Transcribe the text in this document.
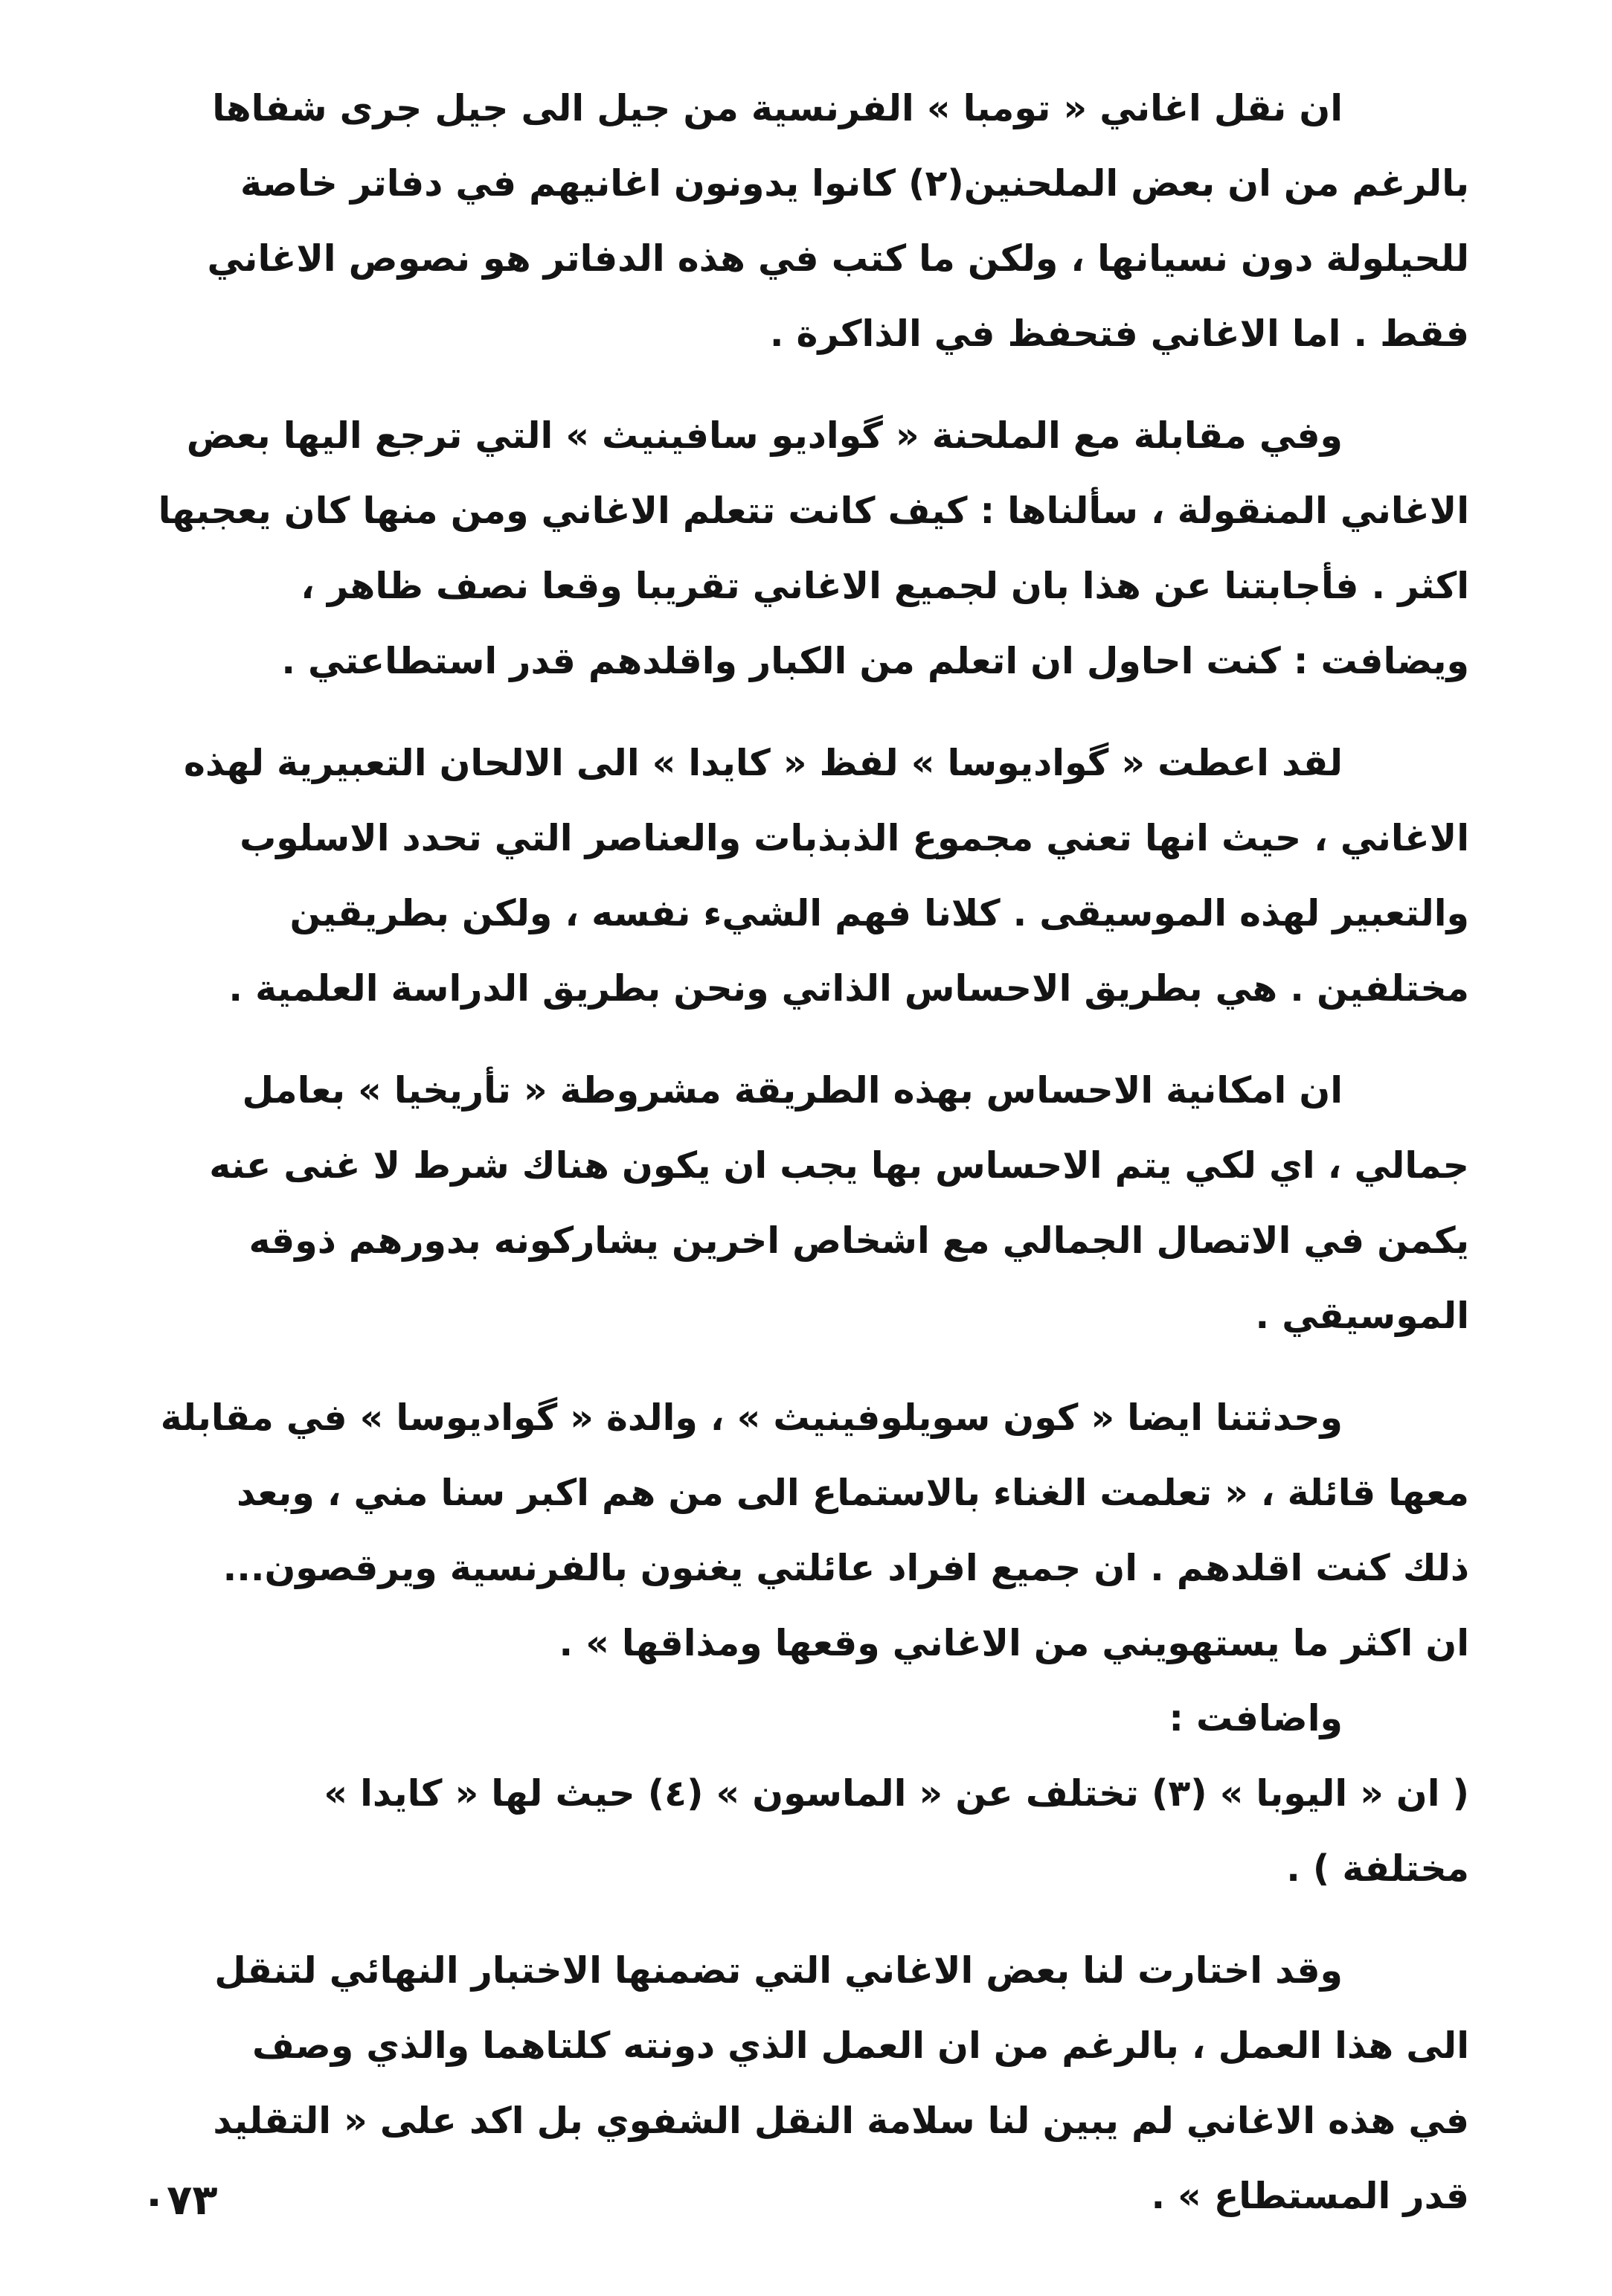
ان نقل اغاني « تومبا » الفرنسية من جيل الى جيل جرى شفاها
بالرغم من ان بعض الملحنين(٢) كانوا يدونون اغانيهم في دفاتر خاصة
للحيلولة دون نسيانها ، ولكن ما كتب في هذه الدفاتر هو نصوص الاغاني
فقط . اما الاغاني فتحفظ في الذاكرة .

وفي مقابلة مع الملحنة « گواديو سافينيث » التي ترجع اليها بعض
الاغاني المنقولة ، سألناها : كيف كانت تتعلم الاغاني ومن منها كان يعجبها
اكثر . فأجابتنا عن هذا بان لجميع الاغاني تقريبا وقعا نصف ظاهر ،
ويضافت : كنت احاول ان اتعلم من الكبار واقلدهم قدر استطاعتي .

لقد اعطت « گواديوسا » لفظ « كايدا » الى الالحان التعبيرية لهذه
الاغاني ، حيث انها تعني مجموع الذبذبات والعناصر التي تحدد الاسلوب
والتعبير لهذه الموسيقى . كلانا فهم الشيء نفسه ، ولكن بطريقين
مختلفين . هي بطريق الاحساس الذاتي ونحن بطريق الدراسة العلمية .

ان امكانية الاحساس بهذه الطريقة مشروطة « تأريخيا » بعامل
جمالي ، اي لكي يتم الاحساس بها يجب ان يكون هناك شرط لا غنى عنه
يكمن في الاتصال الجمالي مع اشخاص اخرين يشاركونه بدورهم ذوقه
الموسيقي .

وحدثتنا ايضا « كون سويلوفينيث » ، والدة « گواديوسا » في مقابلة
معها قائلة ، « تعلمت الغناء بالاستماع الى من هم اكبر سنا مني ، وبعد
ذلك كنت اقلدهم . ان جميع افراد عائلتي يغنون بالفرنسية ويرقصون...
ان اكثر ما يستهويني من الاغاني وقعها ومذاقها » .

واضافت :

( ان « اليوبا » (٣) تختلف عن « الماسون » (٤) حيث لها « كايدا »
مختلفة ) .

وقد اختارت لنا بعض الاغاني التي تضمنها الاختبار النهائي لتنقل
الى هذا العمل ، بالرغم من ان العمل الذي دونته كلتاهما والذي وصف
في هذه الاغاني لم يبين لنا سلامة النقل الشفوي بل اكد على « التقليد
قدر المستطاع » .

٠٧٣
